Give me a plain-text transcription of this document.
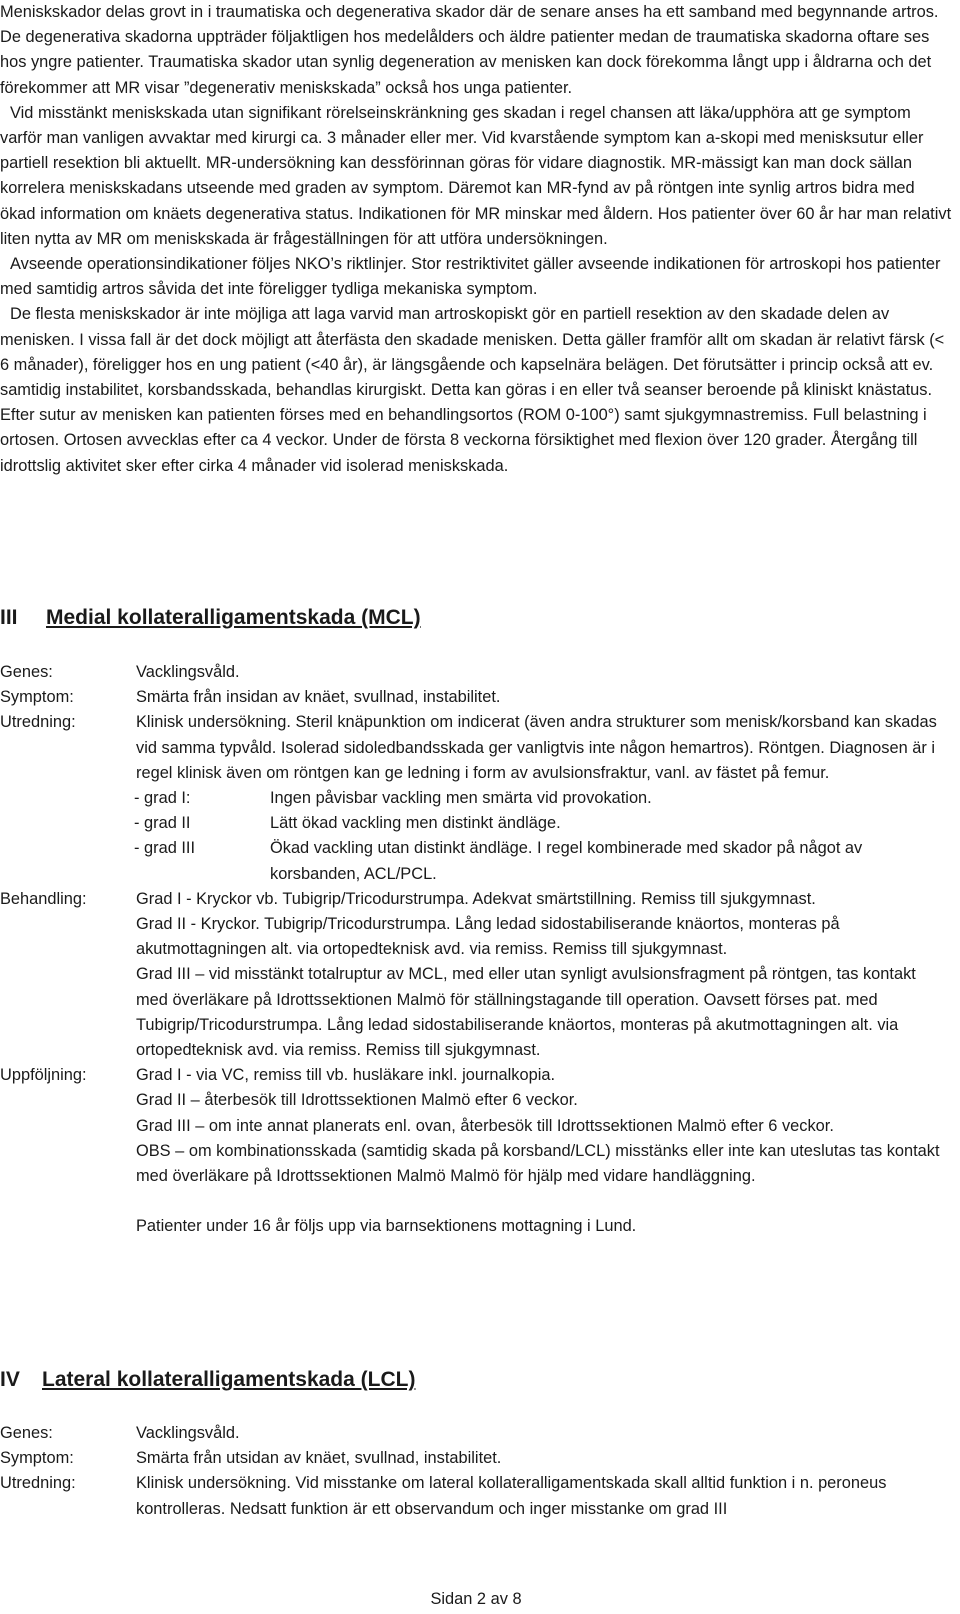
Meniskskador delas grovt in i traumatiska och degenerativa skador där de senare anses ha ett samband med begynnande artros. De degenerativa skadorna uppträder följaktligen hos medelålders och äldre patienter medan de traumatiska skadorna oftare ses hos yngre patienter. Traumatiska skador utan synlig degeneration av menisken kan dock förekomma långt upp i åldrarna och det förekommer att MR visar ”degenerativ meniskskada” också hos unga patienter.

Vid misstänkt meniskskada utan signifikant rörelseinskränkning ges skadan i regel chansen att läka/upphöra att ge symptom varför man vanligen avvaktar med kirurgi ca. 3 månader eller mer. Vid kvarstående symptom kan a-skopi med menisksutur eller partiell resektion bli aktuellt. MR-undersökning kan dessförinnan göras för vidare diagnostik. MR-mässigt kan man dock sällan korrelera meniskskadans utseende med graden av symptom. Däremot kan MR-fynd av på röntgen inte synlig artros bidra med ökad information om knäets degenerativa status. Indikationen för MR minskar med åldern. Hos patienter över 60 år har man relativt liten nytta av MR om meniskskada är frågeställningen för att utföra undersökningen.

Avseende operationsindikationer följes NKO’s riktlinjer. Stor restriktivitet gäller avseende indikationen för artroskopi hos patienter med samtidig artros såvida det inte föreligger tydliga mekaniska symptom.

De flesta meniskskador är inte möjliga att laga varvid man artroskopiskt gör en partiell resektion av den skadade delen av menisken. I vissa fall är det dock möjligt att återfästa den skadade menisken. Detta gäller framför allt om skadan är relativt färsk (< 6 månader), föreligger hos en ung patient (<40 år), är längsgående och kapselnära belägen. Det förutsätter i princip också att ev. samtidig instabilitet, korsbandsskada, behandlas kirurgiskt. Detta kan göras i en eller två seanser beroende på kliniskt knästatus. Efter sutur av menisken kan patienten förses med en behandlingsortos (ROM 0-100°) samt sjukgymnastremiss. Full belastning i ortosen. Ortosen avvecklas efter ca 4 veckor. Under de första 8 veckorna försiktighet med flexion över 120 grader. Återgång till idrottslig aktivitet sker efter cirka 4 månader vid isolerad meniskskada.

III Medial kollateralligamentskada (MCL)
Genes:	Vacklingsvåld.
Symptom:	Smärta från insidan av knäet, svullnad, instabilitet.
Utredning:	Klinisk undersökning. Steril knäpunktion om indicerat (även andra strukturer som menisk/korsband kan skadas vid samma typvåld. Isolerad sidoledbandsskada ger vanligtvis inte någon hemartros). Röntgen. Diagnosen är i regel klinisk även om röntgen kan ge ledning i form av avulsionsfraktur, vanl. av fästet på femur.
- grad I:	Ingen påvisbar vackling men smärta vid provokation.
- grad II	Lätt ökad vackling men distinkt ändläge.
- grad III	Ökad vackling utan distinkt ändläge. I regel kombinerade med skador på något av korsbanden, ACL/PCL.
Behandling:	Grad I - Kryckor vb. Tubigrip/Tricodurstrumpa. Adekvat smärtstillning. Remiss till sjukgymnast.

Grad II - Kryckor. Tubigrip/Tricodurstrumpa. Lång ledad sidostabiliserande knäortos, monteras på akutmottagningen alt. via ortopedteknisk avd. via remiss. Remiss till sjukgymnast.

Grad III – vid misstänkt totalruptur av MCL, med eller utan synligt avulsionsfragment på röntgen, tas kontakt med överläkare på Idrottssektionen Malmö för ställningstagande till operation. Oavsett förses pat. med Tubigrip/Tricodurstrumpa. Lång ledad sidostabiliserande knäortos, monteras på akutmottagningen alt. via ortopedteknisk avd. via remiss. Remiss till sjukgymnast.

Uppföljning:	Grad I - via VC, remiss till vb. husläkare inkl. journalkopia.

Grad II – återbesök till Idrottssektionen Malmö efter 6 veckor.

Grad III – om inte annat planerats enl. ovan, återbesök till Idrottssektionen Malmö efter 6 veckor.

OBS – om kombinationsskada (samtidig skada på korsband/LCL) misstänks eller inte kan uteslutas tas kontakt med överläkare på Idrottssektionen Malmö Malmö för hjälp med vidare handläggning.

Patienter under 16 år följs upp via barnsektionens mottagning i Lund.

IV Lateral kollateralligamentskada (LCL)
Genes:	Vacklingsvåld.
Symptom:	Smärta från utsidan av knäet, svullnad, instabilitet.
Utredning:	Klinisk undersökning. Vid misstanke om lateral kollateralligamentskada skall alltid funktion i n. peroneus kontrolleras. Nedsatt funktion är ett observandum och inger misstanke om grad III
Sidan 2 av 8
